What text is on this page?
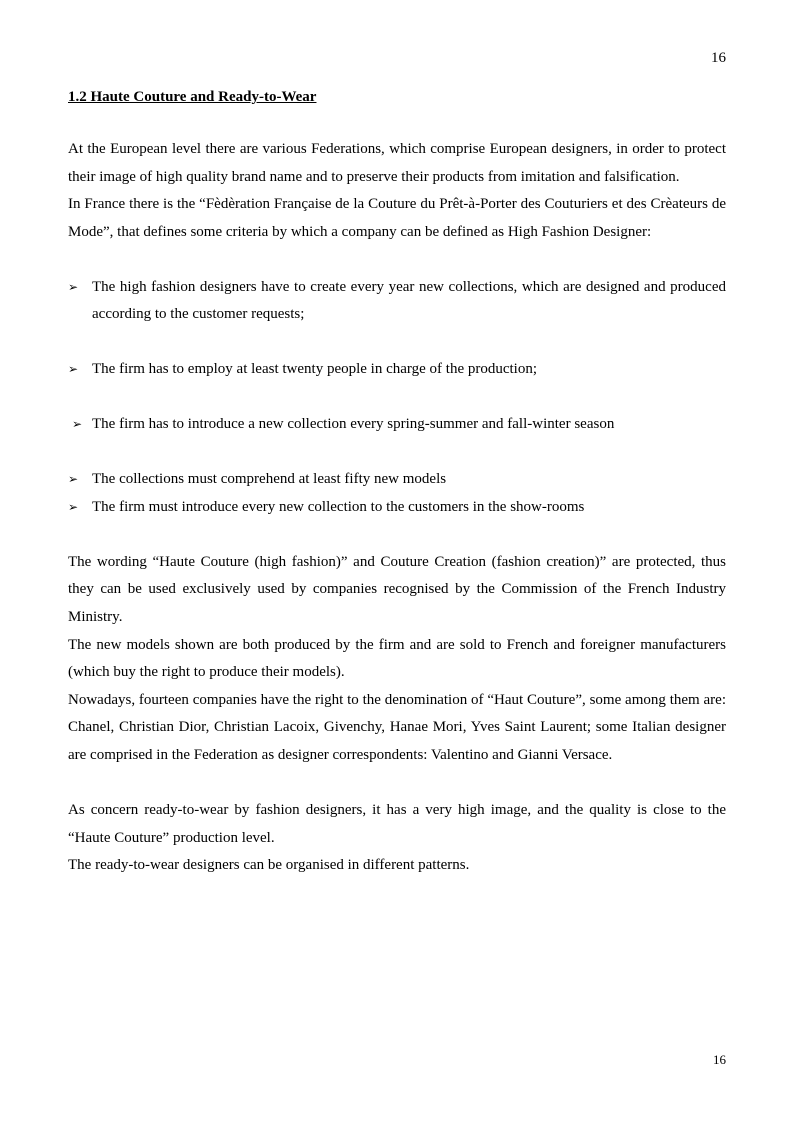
16
1.2 Haute Couture and Ready-to-Wear

At the European level there are various Federations, which comprise European designers, in order to protect their image of high quality brand name and to preserve their products from imitation and falsification.

In France there is the “Fèdèration Française de la Couture du Prêt-à-Porter des Couturiers et des Crèateurs de Mode”, that defines some criteria by which a company can be defined as High Fashion Designer:

➢ The high fashion designers have to create every year new collections, which are designed and produced according to the customer requests;
➢ The firm has to employ at least twenty people in charge of the production;
➢ The firm has to introduce a new collection every spring-summer and fall-winter season
➢ The collections must comprehend at least fifty new models
➢ The firm must introduce every new collection to the customers in the show-rooms

The wording “Haute Couture (high fashion)” and Couture Creation (fashion creation)” are protected, thus they can be used exclusively used by companies recognised by the Commission of the French Industry Ministry.

The new models shown are both produced by the firm and are sold to French and foreigner manufacturers (which buy the right to produce their models).

Nowadays, fourteen companies have the right to the denomination of “Haut Couture”, some among them are: Chanel, Christian Dior, Christian Lacoix, Givenchy, Hanae Mori, Yves Saint Laurent; some Italian designer are comprised in the Federation as designer correspondents: Valentino and Gianni Versace.

As concern ready-to-wear by fashion designers, it has a very high image, and the quality is close to the “Haute Couture” production level.

The ready-to-wear designers can be organised in different patterns.

16
